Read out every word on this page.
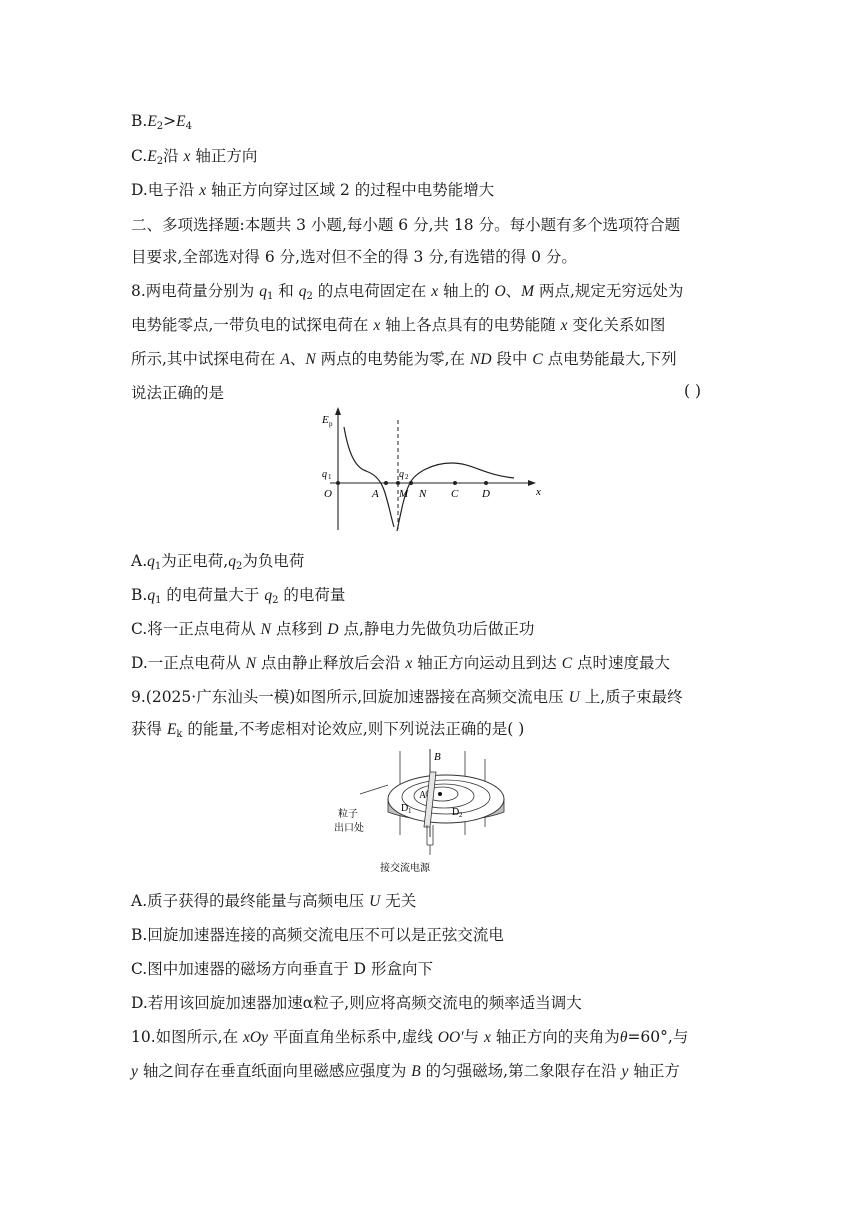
$B.E_2>E_4$
$C.E_2$沿 x 轴正方向
D.电子沿 x 轴正方向穿过区域 2 的过程中电势能增大
二、多项选择题:本题共 3 小题,每小题 6 分,共 18 分。每小题有多个选项符合题
目要求,全部选对得 6 分,选对但不全的得 3 分,有选错的得 0 分。
8.两电荷量分别为 $q_1$ 和 $q_2$ 的点电荷固定在 x 轴上的 O、M 两点,规定无穷远处为
电势能零点,一带负电的试探电荷在 x 轴上各点具有的电势能随 x 变化关系如图
所示,其中试探电荷在 A、N 两点的电势能为零,在 ND 段中 C 点电势能最大,下列
说法正确的是	( )
E p
q 1	q 2
O	x
A M N C D
$A.q_1$为正电荷$,q_2$为负电荷
$B.q_1$ 的电荷量大于 $q_2$ 的电荷量
C.将一正点电荷从 N 点移到 D 点,静电力先做负功后做正功
D.一正点电荷从 N 点由静止释放后会沿 x 轴正方向运动且到达 C 点时速度最大
9.(2025·广东汕头一模)如图所示,回旋加速器接在高频交流电压 U 上,质子束最终
获得 $E_k$ 的能量,不考虑相对论效应,则下列说法正确的是( )
B
A
D 1	D 2
粒子
出口处
接交流电源
A.质子获得的最终能量与高频电压 U 无关
B.回旋加速器连接的高频交流电压不可以是正弦交流电
C.图中加速器的磁场方向垂直于 D 形盒向下
D.若用该回旋加速器加速α粒子,则应将高频交流电的频率适当调大
10.如图所示,在 xOy 平面直角坐标系中,虚线 OO′与 x 轴正方向的夹角为θ=60°,与
y 轴之间存在垂直纸面向里磁感应强度为 B 的匀强磁场,第二象限存在沿 y 轴正方
